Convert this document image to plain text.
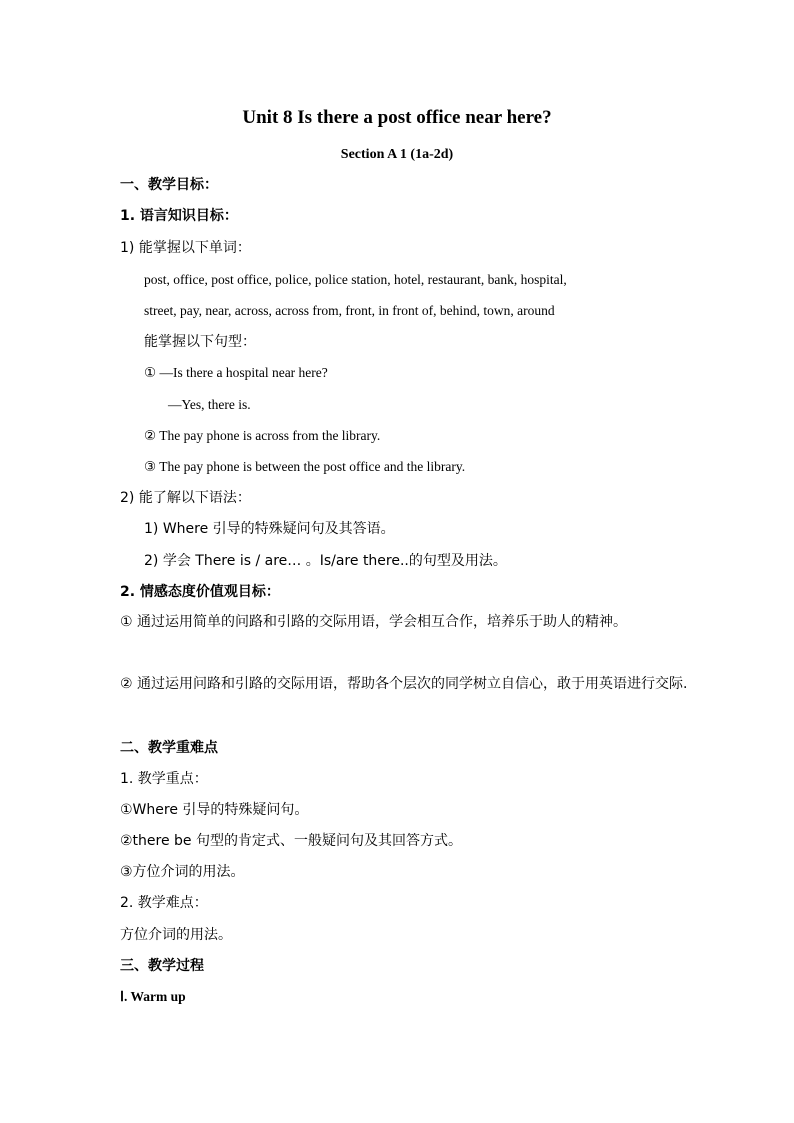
Unit 8 Is there a post office near here?
Section A 1 (1a-2d)
一、教学目标：
1. 语言知识目标：
1) 能掌握以下单词：
post, office, post office, police, police station, hotel, restaurant, bank, hospital,
street, pay, near, across, across from, front, in front of, behind, town, around
能掌握以下句型：
① —Is there a hospital near here?
—Yes, there is.
② The pay phone is across from the library.
③ The pay phone is between the post office and the library.
2) 能了解以下语法：
1) Where 引导的特殊疑问句及其答语。
2) 学会 There is / are… 。Is/are there..的句型及用法。
2. 情感态度价值观目标：
① 通过运用简单的问路和引路的交际用语，学会相互合作，培养乐于助人的精神。
② 通过运用问路和引路的交际用语，帮助各个层次的同学树立自信心，敢于用英语进行交际.
二、教学重难点
1. 教学重点：
①Where 引导的特殊疑问句。
②there be 句型的肯定式、一般疑问句及其回答方式。
③方位介词的用法。
2. 教学难点：
方位介词的用法。
三、教学过程
Ⅰ. Warm up
